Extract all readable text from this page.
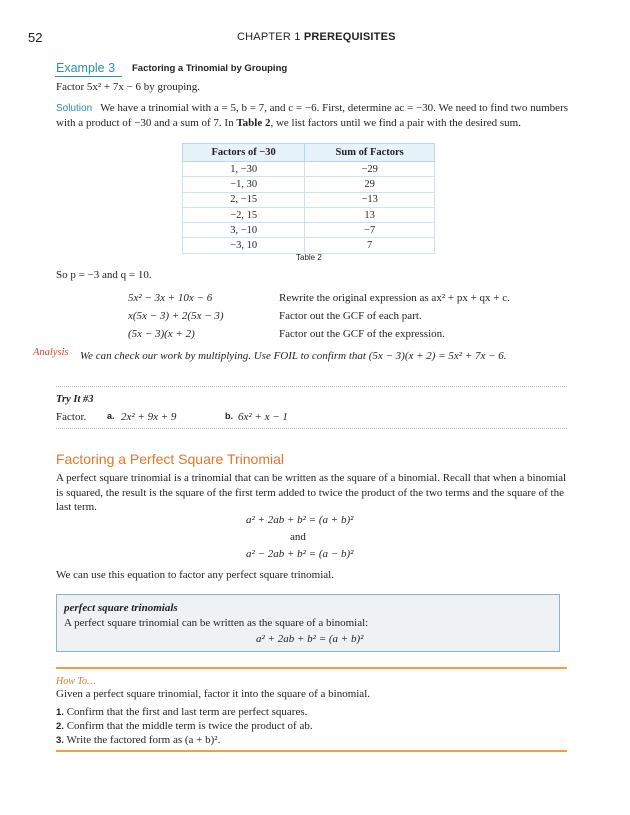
52	CHAPTER 1 PREREQUISITES
Example 3 Factoring a Trinomial by Grouping
Factor 5x² + 7x − 6 by grouping.
Solution We have a trinomial with a = 5, b = 7, and c = −6. First, determine ac = −30. We need to find two numbers
with a product of −30 and a sum of 7. In Table 2, we list factors until we find a pair with the desired sum.
Factors of −30	Sum of Factors
1, −30	−29
−1, 30	29
2, −15	−13
−2, 15	13
3, −10	−7
−3, 10	7
Table 2
So p = −3 and q = 10.
5x² − 3x + 10x − 6	Rewrite the original expression as ax² + px + qx + c.
x(5x − 3) + 2(5x − 3)	Factor out the GCF of each part.
(5x − 3)(x + 2)	Factor out the GCF of the expression.
Analysis We can check our work by multiplying. Use FOIL to confirm that (5x − 3)(x + 2) = 5x² + 7x − 6.
Try It #3
Factor. a. 2x² + 9x + 9	b. 6x² + x − 1
Factoring a Perfect Square Trinomial
A perfect square trinomial is a trinomial that can be written as the square of a binomial. Recall that when a binomial
is squared, the result is the square of the first term added to twice the product of the two terms and the square of the
last term.
a² + 2ab + b² = (a + b)²
and
a² − 2ab + b² = (a − b)²
We can use this equation to factor any perfect square trinomial.
perfect square trinomials
A perfect square trinomial can be written as the square of a binomial:
a² + 2ab + b² = (a + b)²
How To…
Given a perfect square trinomial, factor it into the square of a binomial.
1. Confirm that the first and last term are perfect squares.
2. Confirm that the middle term is twice the product of ab.
3. Write the factored form as (a + b)².
